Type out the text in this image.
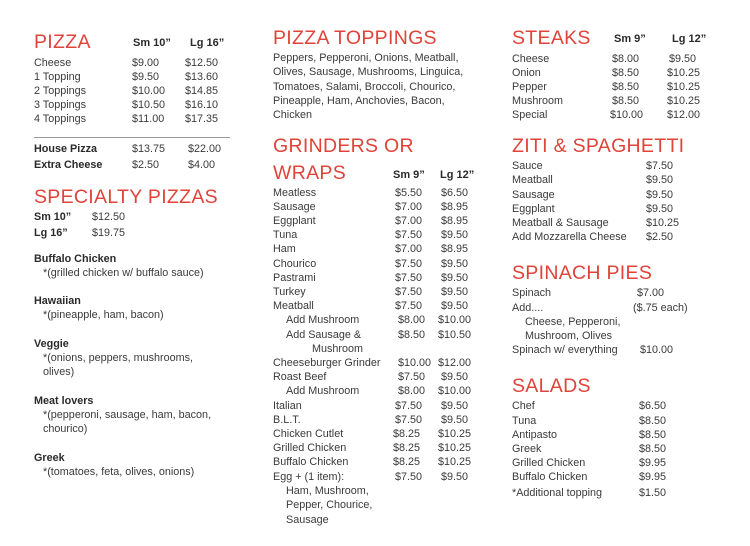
PIZZA	Sm 10” Lg 16”
Cheese	$9.00 $12.50
1 Topping	$9.50 $13.60
2 Toppings	$10.00 $14.85
3 Toppings	$10.50 $16.10
4 Toppings	$11.00 $17.35
House Pizza	$13.75 $22.00
Extra Cheese	$2.50	$4.00
SPECIALTY PIZZAS
Sm 10” $12.50
Lg 16” $19.75
Buffalo Chicken
*(grilled chicken w/ buffalo sauce)
Hawaiian
*(pineapple, ham, bacon)
Veggie
*(onions, peppers, mushrooms, olives)
Meat lovers
*(pepperoni, sausage, ham, bacon, chourico)
Greek
*(tomatoes, feta, olives, onions)
PIZZA TOPPINGS
Peppers, Pepperoni, Onions, Meatball, Olives, Sausage, Mushrooms, Linguica, Tomatoes, Salami, Broccoli, Chourico, Pineapple, Ham, Anchovies, Bacon, Chicken
GRINDERS OR
WRAPS	Sm 9” Lg 12”
Meatless	$5.50 $6.50
Sausage	$7.00 $8.95
Eggplant	$7.00 $8.95
Tuna	$7.50 $9.50
Ham	$7.00 $8.95
Chourico	$7.50 $9.50
Pastrami	$7.50 $9.50
Turkey	$7.50 $9.50
Meatball	$7.50 $9.50
Add Mushroom	$8.00 $10.00
Add Sausage &	$8.50 $10.50
Mushroom
Cheeseburger Grinder $10.00 $12.00
Roast Beef	$7.50 $9.50
Add Mushroom	$8.00 $10.00
Italian	$7.50 $9.50
B.L.T.	$7.50 $9.50
Chicken Cutlet	$8.25 $10.25
Grilled Chicken	$8.25 $10.25
Buffalo Chicken	$8.25 $10.25
Egg + (1 item):	$7.50 $9.50
Ham, Mushroom, Pepper, Chourice, Sausage
STEAKS Sm 9” Lg 12”
Cheese	$8.00	$9.50
Onion	$8.50	$10.25
Pepper	$8.50	$10.25
Mushroom	$8.50	$10.25
Special	$10.00 $12.00
ZITI & SPAGHETTI
Sauce	$7.50
Meatball	$9.50
Sausage	$9.50
Eggplant	$9.50
Meatball & Sausage	$10.25
Add Mozzarella Cheese $2.50
SPINACH PIES
Spinach	$7.00
Add....	($.75 each)
Cheese, Pepperoni, Mushroom, Olives
Spinach w/ everything $10.00
SALADS
Chef	$6.50
Tuna	$8.50
Antipasto	$8.50
Greek	$8.50
Grilled Chicken	$9.95
Buffalo Chicken	$9.95
*Additional topping	$1.50
